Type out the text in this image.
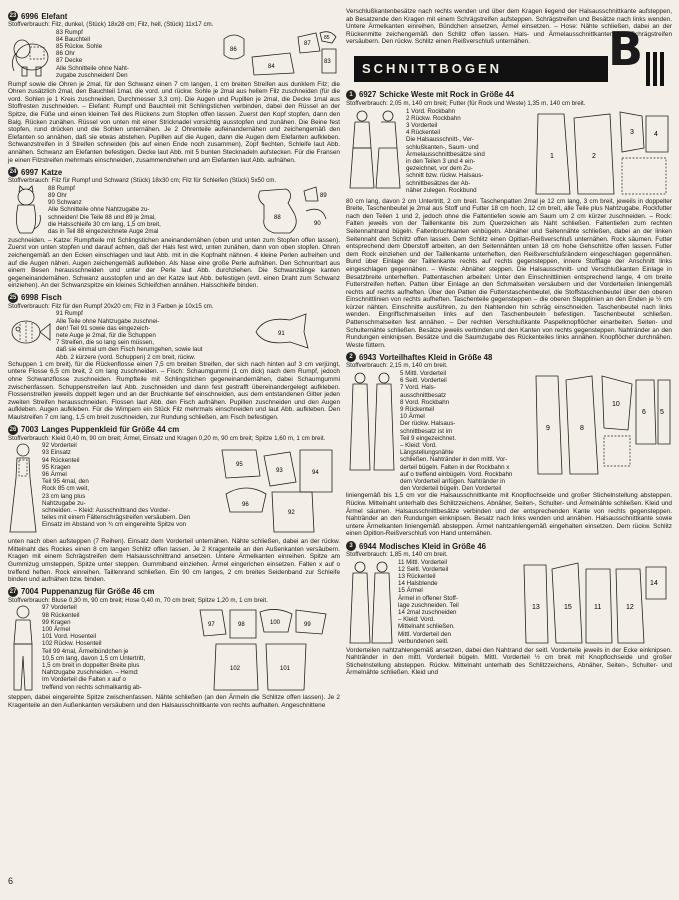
23 6996 Elefant
Stoffverbrauch: Filz, dunkel, (Stück) 18x28 cm; Filz, hell, (Stück) 11x17 cm.
83 Rumpf
84 Bauchteil
85 Rückw. Sohle
86 Ohr
87 Decke
Alle Schnitteile ohne Naht-
zugabe zuschneiden! Den
86
84
87
83
85

Rumpf sowie die Ohren je 2mal, für den Schwanz einen 7 cm langen, 1 cm breiten Streifen aus dunklem Filz; die Ohren zusätzlich 2mal, den Bauchteil 1mal, die vord. und rückw. Sohle je 2mal aus hellem Filz zuschneiden (für die vord. Sohlen je 1 Kreis zuschneiden, Durchmesser 3,3 cm). Die Augen und Pupillen je 2mal, die Decke 1mal aus Stoffresten zuschneiden. – Elefant: Rumpf und Bauchteil mit Schlingstichen verbinden, dabei den Rüssel an der Spitze, die Füße und einen kleinen Teil des Rückens zum Stopfen offen lassen. Zuerst den Kopf stopfen, dann den Balg. Rücken zunähen. Rüssel von unten mit einer Stricknadel vorsichtig ausstopfen und zunähen. Die Beine fest stopfen, rund drücken und die Sohlen unternähen. Je 2 Ohrenteile aufeinandernähen und zeichengemäß den Elefanten so annähen, daß sie etwas abstehen. Pupillen auf die Augen, dann die Augen dem Elefanten aufkleben. Schwanzstreifen in 3 Streifen schneiden (bis auf einen Ende noch zusammen), Zopf flechten, Schleife laut Abb. annähen. Schwanz am Elefanten befestigen. Decke laut Abb. mit 5 bunten Stecknadeln aufstecken. Für die Fransen je einen Filzstreifen mehrmals einschneiden, zusammendrehen und am Elefanten laut Abb. aufnähen.

24 6997 Katze
Stoffverbrauch: Filz für Rumpf und Schwanz (Stück) 18x30 cm; Filz für Schleifen (Stück) 5x50 cm.
88 Rumpf
89 Ohr
90 Schwanz
Alle Schnitteile ohne Nahtzugabe zu-
schneiden! Die Teile 88 und 89 je 2mal,
die Halsschleife 30 cm lang, 1,5 cm breit,
das in Teil 88 eingezeichnete Auge 2mal
88
89
90

zuschneiden. – Katze: Rumpfteile mit Schlingstichen aneinandernähen (oben und unten zum Stopfen offen lassen). Zuerst von unten stopfen und darauf achten, daß der Hals fest wird, unten zunähen, dann von oben stopfen. Ohren zeichengemäß an den Ecken einschlagen und laut Abb. mit in die Kopfnaht nähnen. 4 kleine Perlen aufreihen und auf die Augen nähen. Augen zeichengemäß aufkleben. Als Nase eine große Perle aufnähen. Den Schnurrbart aus einem Besen herausschneiden und unter der Perle laut Abb. durchziehen. Die Schwanzlänge kanten gegeneinandernähen. Schwanz ausstopfen und an der Katze laut Abb. befestigen (evtl. einen Draht zum Schwanz einziehen). An der Schwanzspitze ein kleines Schleifchen annähen. Halsschleife binden.

25 6998 Fisch
Stoffverbrauch: Filz für den Rumpf 20x20 cm; Filz in 3 Farben je 10x15 cm.
91 Rumpf
Alle Teile ohne Nahtzugabe zuschnei-
den! Teil 91 sowie das eingezeich-
nete Auge je 2mal, für die Schuppen
7 Streifen, die so lang sein müssen,
daß sie einmal um den Fisch herumgehen, sowie laut
Abb. 2 kürzere (vord. Schuppen) 2 cm breit, rückw.
91

Schuppen 1 cm breit), für die Rückenflosse einen 7,5 cm breiten Streifen, der sich nach hinten auf 3 cm verjüngt, untere Flosse 6,5 cm breit, 2 cm lang zuschneiden. – Fisch: Schaumgummi (1 cm dick) nach dem Rumpf, jedoch ohne Schwanzflosse zuschneiden. Rumpfteile mit Schlingstichen gegeneinandernähen, dabei Schaumgummi zwischenfassen. Schuppenstreifen laut Abb. zuschneiden und dann fest gestrafft übereinandergelegt aufkleben. Flossenstreifen jeweils doppelt legen und an der Bruchkante tief einschneiden, aus dem entstandenen Gitter jeden zweiten Streifen herausschneiden. Flossen laut Abb. den Fisch aufnähen. Pupillen zuschneiden und den Augen aufkleben. Augen aufkleben. Für die Wimpern ein Stück Filz mehrmals einschneiden und laut Abb. aufkleben. Den Maulstreifen 7 cm lang, 1,5 cm breit zuschneiden, zur Rundung schließen, am Fisch befestigen.

26 7003 Langes Puppenkleid für Größe 44 cm
Stoffverbrauch: Kleid 0,40 m, 90 cm breit; Ärmel, Einsatz und Kragen 0,20 m, 90 cm breit; Spitze 1,60 m, 1 cm breit.
92 Vorderteil
93 Einsatz
94 Rückenteil
95 Kragen
96 Ärmel
Teil 95 4mal, den
Rock 85 cm weit,
23 cm lang plus
Nahtzugabe zu-
schneiden. – Kleid: Ausschnittrand des Vorder-
teiles mit einem Fältenschrägstreifen versäubern. Den
Einsatz im Abstand von ¾ cm eingereihte Spitze von
95
93	94
96
92

unten nach oben aufsteppen (7 Reihen). Einsatz dem Vorderteil unternähen. Nähte schließen, dabei an der rückw. Mittelnaht des Rockes einen 8 cm langen Schlitz offen lassen. Je 2 Kragenteile an den Außenkanten versäubern. Kragen mit einem Schrägstreifen dem Halsausschnittrand ansetzen. Untere Ärmelkanten einreihen. Spitze am Gummizug umsteppen, Spitze unter steppen. Gummiband einziehen. Ärmel eingerichen einsetzen. Falten x auf o treffend heften. Rock einreihen. Taillenrand schließen. Ein 90 cm langes, 2 cm breites Seidenband zur Schleife binden und aufnähen bzw. binden.

27 7004 Puppenanzug für Größe 46 cm
Stoffverbrauch: Bluse 0,30 m, 90 cm breit; Hose 0,40 m, 70 cm breit; Spitze 1,20 m, 1 cm breit.
97 Vorderteil
98 Rückenteil
99 Kragen
100 Ärmel
101 Vord. Hosenteil
102 Rückw. Hosenteil
Teil 99 4mal, Ärmelbündchen je
10,5 cm lang, davon 1,5 cm Untertritt,
1,5 cm breit in doppelter Breite plus
Nahtzugabe zuschneiden. – Hemd:
Im Vorderteil die Falten x auf o
treffend von rechts schmalkantig ab-
97	98	100	99
102	101

steppen, dabei eingereihte Spitze zwischenfassen. Nähte schließen (an den Ärmeln die Schlitze offen lassen). Je 2 Kragenteile an den Außenkanten versäubern und den Halsausschnittkante von rechts aufhalten. Angeschnittene

Verschlußkantenbesätze nach rechts wenden und über dem Kragen liegend der Halsausschnittkante aufsteppen, ab Besatzende den Kragen mit einem Schrägstreifen aufsteppen. Schrägstreifen und Besätze nach links wenden. Untere Ärmelkanten einreihen, Bündchen ansetzen, Ärmel einsetzen. – Hose: Nähte schließen, dabei an der Rückenmitte zeichengemäß den Schlitz offen lassen. Hals- und Ärmelausschnittkanten mit Schrägstreifen versäubern. Den rückw. Schlitz einen Reißverschluß unternähen.

SCHNITTBOGEN	B
1 6927 Schicke Weste mit Rock in Größe 44
Stoffverbrauch: 2,05 m, 140 cm breit; Futter (für Rock und Weste) 1,35 m, 140 cm breit.
1 Vord. Rockbahn
2 Rückw. Rockbahn
3 Vorderteil
4 Rückenteil
Die Halsausschnitt-, Ver-
schlußkanten-, Saum- und
Ärmelausschnittbesätze sind
in den Teilen 3 und 4 ein-
gezeichnet, vor dem Zu-
schnitt bzw. rückw. Halsaus-
schnittbesätzes der Ab-
näher zulegen. Rockbund
1	2
3	4

80 cm lang, davon 2 cm Untertritt, 2 cm breit. Taschenpatten 2mal je 12 cm lang, 3 cm breit, jeweils in doppelter Breite, Taschenbeutel je 2mal aus Stoff und Futter 18 cm hoch, 12 cm breit, alle Teile plus Nahtzugabe. Rockfutter nach den Teilen 1 und 2, jedoch ohne die Faltentiefen sowie am Saum um 2 cm kürzer zuschneiden. – Rock: Falten jeweils von der Taillenkante bis zum Querzeichen als Naht schließen. Faltentiefen zum rechten Seitennahtrand bügeln. Faltenbruchkanten einbügeln. Abnäher und Seitennähte schließen, dabei an der linken Seitennaht den Schlitz offen lassen. Dem Schlitz einen Opitlan-Reißverschluß unternähen. Rock säumen. Futter entsprechend dem Oberstoff arbeiten, an den Seitennähten unten 18 cm hohe Gehschlitze offen lassen. Futter dem Rock einziehen und der Taillenkante unterheften, den Reißverschlußrändern eingeschlagen gegennähen. Bund über Einlage der Taillenkante rechts auf rechts gegensteppen, innere Stofflage der Anschnitt links eingeschlagen gegennähen. – Weste: Abnäher steppen. Die Halsausschnitt- und Verschlußkanten Einlage in Besatzbreite unterheften. Pattentaschen arbeiten: Unter den Einschnittlinien entsprechend lange, 4 cm breite Futterstreifen heften. Patten über Einlage an den Schmalseiten versäubern und der Vorderteilen liniengemäß rechts auf rechts aufheften. Über den Patten die Futterstaschenbeutel, die Stoffstaschenbeutel über den oberen Einschnittlinien von rechts aufheften. Taschenteile gegensteppen – die oberen Stepplinien an den Enden je ½ cm kürzer nähten. Einschnitte ausführen, zu den Nahtenden hin schräg einschneiden. Taschenbeutel nach links wenden. Eingriffschmalseiten links auf den Taschenbeuteln befestigen. Taschenbeutel schließen. Pattenschmalseiten fest annähen. – Der rechten Verschlußkante Paspelknopflöcher einarbeiten. Seiten- und Schulternähte schließen. Besätze jeweils verbinden und den Kanten von rechts gegensteppen. Nahtränder an den Rundungen einknipsen. Besätze und die Saumzugabe des Rückenteiles links annähen. Knopflöcher durchnähen. Weste füttern.

2 6943 Vorteilhaftes Kleid in Größe 48
Stoffverbrauch: 2,15 m, 140 cm breit.
5 Mittl. Vorderteil
6 Seitl. Vorderteil
7 Vord. Hals-
ausschnittbesatz
8 Vord. Rockbahn
9 Rückenteil
10 Ärmel
Der rückw. Halsaus-
schnittbesatz ist im
Teil 9 eingezeichnet.
– Kleid: Vord.
Längstellungsnähte
schließen. Nahtränder in den mittl. Vor-
derteil bügeln. Falten in der Rockbahn x
auf o treffend einbügeln. Vord. Rockbahn
dem Vorderteil anfügen. Nahtränder in
den Vorderteil bügeln. Den Vorderteil
9	8
10
6 5

liniengemäß bis 1,5 cm vor die Halsausschnittkante mit Knopflochseide und großer Stichelnstellung absteppen. Rückw. Mittelnaht unterhalb des Schlitzzeichens. Abnäher, Seiten-, Schulter- und Ärmelnähte schließen. Kleid und Ärmel säumen. Halsausschnittbesätze verbinden und der entsprechenden Kante von rechts gegensteppen. Nahtränder an den Rundungen einknipsen. Besatz nach links wenden und annähen. Halsausschnittkante sowie untere Ärmelkanten liniengemäß absteppen. Ärmel nahtzahlengemäß eingehalten einsetzen. Dem rückw. Schlitz einen Opitlon-Reißverschluß von Hand unternähen.

3 6944 Modisches Kleid in Größe 46
Stoffverbrauch: 1,85 m, 140 cm breit.
11 Mittl. Vorderteil
12 Seitl. Vorderteil
13 Rückenteil
14 Halsblende
15 Ärmel
Ärmel in offener Stoff-
lage zuschneiden. Teil
14 2mal zuschneiden
– Kleid: Vord.
Mittelnaht schließen.
Mittl. Vorderteil den
verbundenen seitl.
13	15	11	12
14

Vorderteilen nahtzahlengemäß ansetzen, dabei den Nahtrand der seitl. Vorderteile jeweils in der Ecke einknipsen. Nahtränder in den mittl. Vorderteil bügeln. Mittl. Vorderteil ½ cm breit mit Knopflochseide und großer Stichelnstellung absteppen. Rückw. Mittelnaht unterhalb des Schlitzzeichens, Abnäher, Seiten-, Schulter- und Ärmelnähte schließen. Kleid und

6
